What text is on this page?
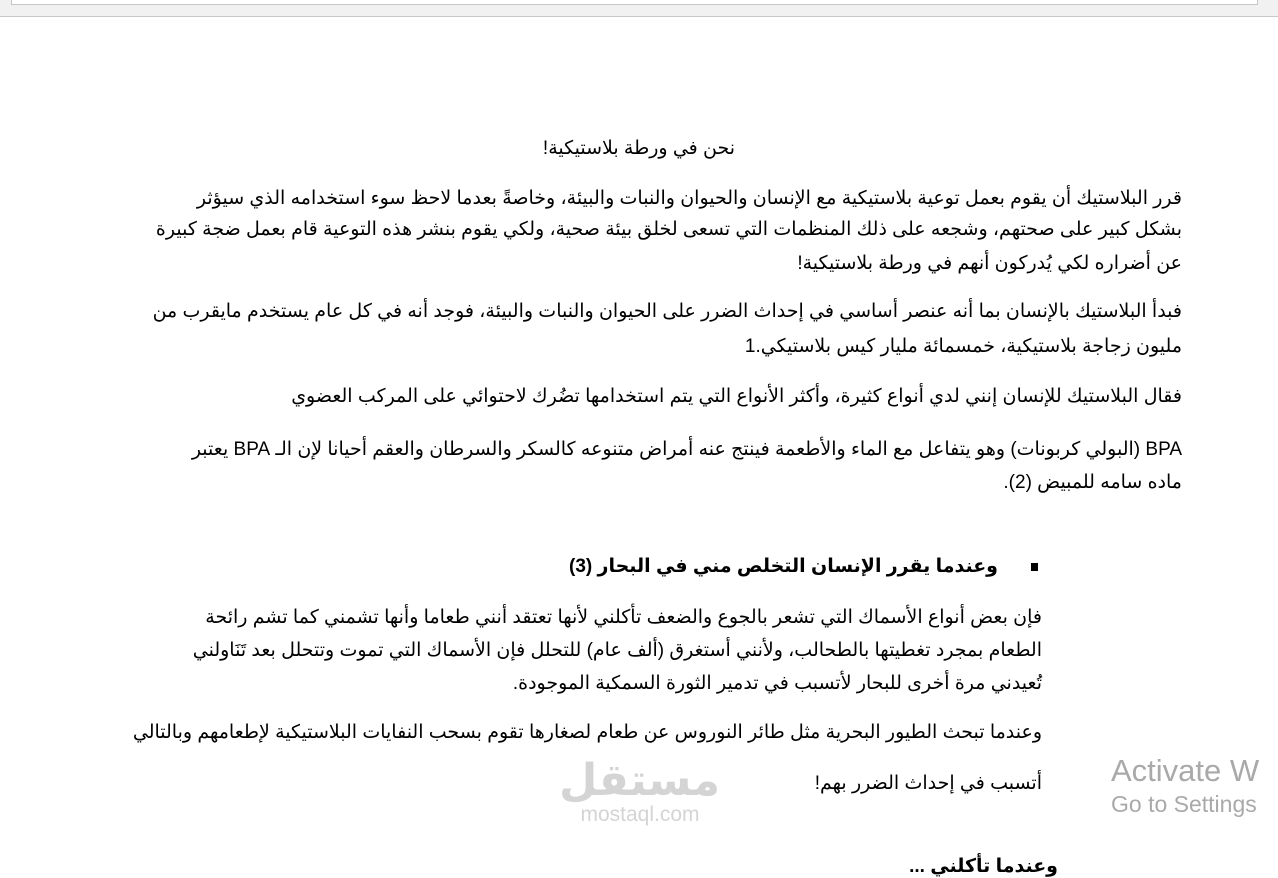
نحن في ورطة بلاستيكية!
قرر البلاستيك أن يقوم بعمل توعية بلاستيكية مع الإنسان والحيوان والنبات والبيئة، وخاصةً بعدما لاحظ سوء استخدامه الذي سيؤثر
بشكل كبير على صحتهم، وشجعه على ذلك المنظمات التي تسعى لخلق بيئة صحية، ولكي يقوم بنشر هذه التوعية قام بعمل ضجة كبيرة
عن أضراره لكي يُدركون أنهم في ورطة بلاستيكية!
فبدأ البلاستيك بالإنسان بما أنه عنصر أساسي في إحداث الضرر على الحيوان والنبات والبيئة، فوجد أنه في كل عام يستخدم مايقرب من
مليون زجاجة بلاستيكية، خمسمائة مليار كيس بلاستيكي.1
فقال البلاستيك للإنسان إنني لدي أنواع كثيرة، وأكثر الأنواع التي يتم استخدامها تضُرك لاحتوائي على المركب العضوي
BPA (البولي كربونات) وهو يتفاعل مع الماء والأطعمة فينتج عنه أمراض متنوعه كالسكر والسرطان والعقم أحيانا لإن الـ BPA يعتبر
ماده سامه للمبيض (2).
وعندما يقرر الإنسان التخلص مني في البحار (3)
فإن بعض أنواع الأسماك التي تشعر بالجوع والضعف تأكلني لأنها تعتقد أنني طعاما وأنها تشمني كما تشم رائحة
الطعام بمجرد تغطيتها بالطحالب، ولأنني أستغرق (ألف عام) للتحلل فإن الأسماك التي تموت وتتحلل بعد تَنَاولني
تُعيدني مرة أخرى للبحار لأتسبب في تدمير الثورة السمكية الموجودة.
وعندما تبحث الطيور البحرية مثل طائر النوروس عن طعام لصغارها تقوم بسحب النفايات البلاستيكية لإطعامهم وبالتالي
أتسبب في إحداث الضرر بهم!
وعندما تأكلني ...
مستقل
mostaql.com
Activate W
Go to Settings
